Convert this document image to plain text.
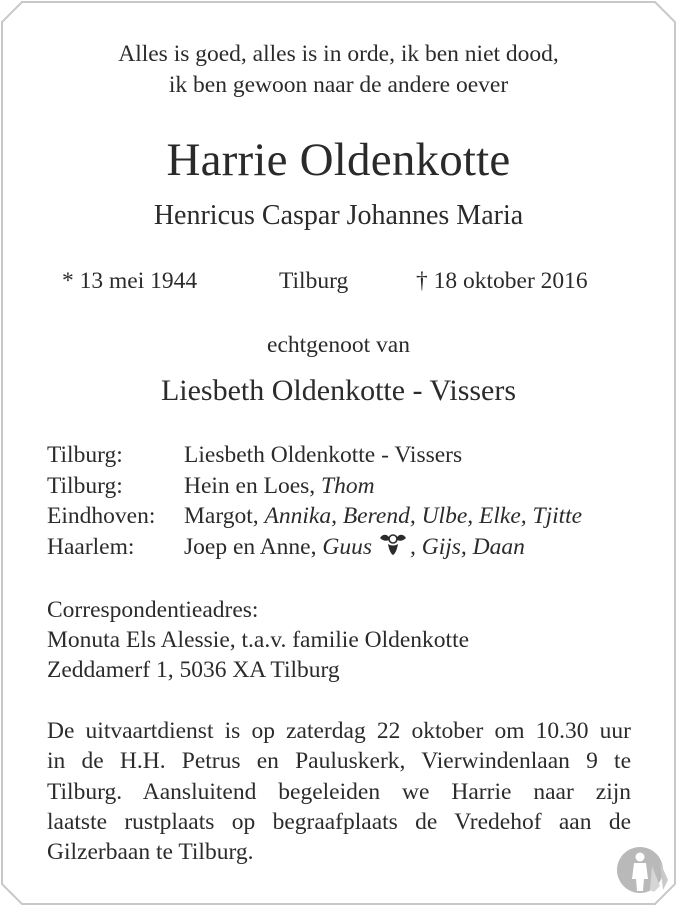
Alles is goed, alles is in orde, ik ben niet dood,
ik ben gewoon naar de andere oever
Harrie Oldenkotte
Henricus Caspar Johannes Maria
* 13 mei 1944	Tilburg	† 18 oktober 2016
echtgenoot van
Liesbeth Oldenkotte - Vissers
Tilburg:	Liesbeth Oldenkotte - Vissers
Tilburg:	Hein en Loes, Thom
Eindhoven: Margot, Annika, Berend, Ulbe, Elke, Tjitte
Haarlem: Joep en Anne, Guus , Gijs, Daan
Correspondentieadres:
Monuta Els Alessie, t.a.v. familie Oldenkotte
Zeddamerf 1, 5036 XA Tilburg
De uitvaartdienst is op zaterdag 22 oktober om 10.30 uur
in de H.H. Petrus en Pauluskerk, Vierwindenlaan 9 te
Tilburg. Aansluitend begeleiden we Harrie naar zijn
laatste rustplaats op begraafplaats de Vredehof aan de
Gilzerbaan te Tilburg.
